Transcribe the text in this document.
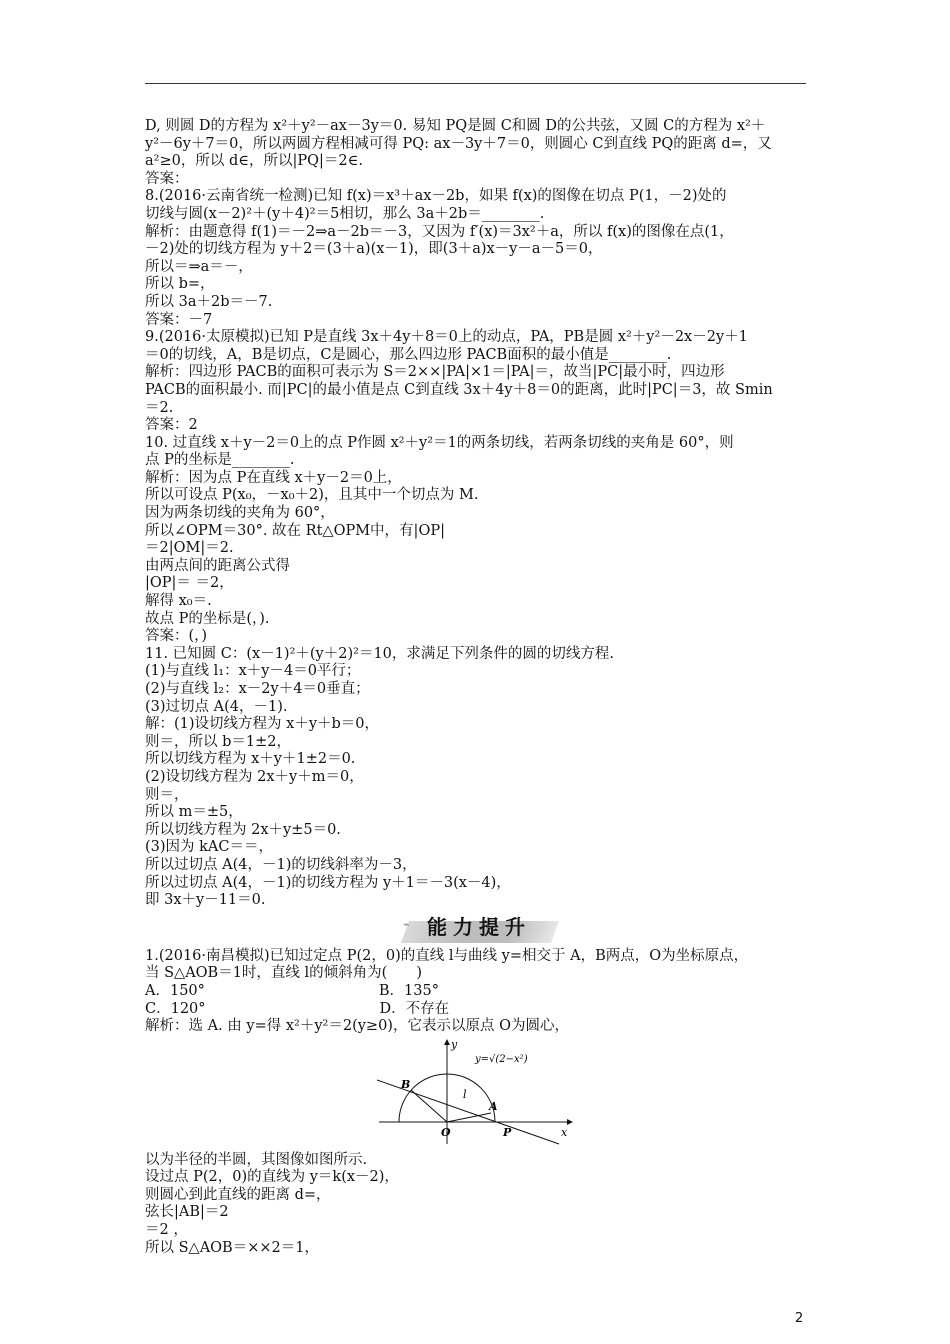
D, 则圆 D的方程为 x²＋y²－ax－3y＝0. 易知 PQ是圆 C和圆 D的公共弦，又圆 C的方程为 x²＋
y²－6y＋7＝0，所以两圆方程相减可得 PQ: ax－3y＋7＝0，则圆心 C到直线 PQ的距离 d=，又
a²≥0，所以 d∈，所以|PQ|＝2∈.
答案：
8.(2016·云南省统一检测)已知 f(x)＝x³＋ax－2b，如果 f(x)的图像在切点 P(1，－2)处的
切线与圆(x－2)²＋(y＋4)²＝5相切，那么 3a＋2b＝________.
解析：由题意得 f(1)＝－2⇒a－2b＝－3，又因为 f′(x)＝3x²＋a，所以 f(x)的图像在点(1，
－2)处的切线方程为 y＋2＝(3＋a)(x－1)，即(3＋a)x－y－a－5＝0，
所以＝⇒a＝－，
所以 b=，
所以 3a＋2b＝－7.
答案：－7
9.(2016·太原模拟)已知 P是直线 3x＋4y＋8＝0上的动点，PA，PB是圆 x²＋y²－2x－2y＋1
＝0的切线，A，B是切点，C是圆心，那么四边形 PACB面积的最小值是________.
解析：四边形 PACB的面积可表示为 S＝2××|PA|×1＝|PA|＝，故当|PC|最小时，四边形
PACB的面积最小. 而|PC|的最小值是点 C到直线 3x＋4y＋8＝0的距离，此时|PC|＝3，故 Smin
＝2.
答案：2
10. 过直线 x＋y－2＝0上的点 P作圆 x²＋y²＝1的两条切线，若两条切线的夹角是 60°，则
点 P的坐标是________.
解析：因为点 P在直线 x＋y－2＝0上，
所以可设点 P(x₀，－x₀＋2)，且其中一个切点为 M.
因为两条切线的夹角为 60°，
所以∠OPM＝30°. 故在 Rt△OPM中，有|OP|
＝2|OM|＝2.
由两点间的距离公式得
|OP|＝ ＝2，
解得 x₀＝.
故点 P的坐标是(，).
答案：(，)
11. 已知圆 C：(x－1)²＋(y＋2)²＝10，求满足下列条件的圆的切线方程.
(1)与直线 l₁：x＋y－4＝0平行；
(2)与直线 l₂：x－2y＋4＝0垂直；
(3)过切点 A(4，－1).
解：(1)设切线方程为 x＋y＋b＝0，
则＝，所以 b＝1±2，
所以切线方程为 x＋y＋1±2＝0.
(2)设切线方程为 2x＋y＋m＝0，
则＝，
所以 m＝±5，
所以切线方程为 2x＋y±5＝0.
(3)因为 kAC＝＝，
所以过切点 A(4，－1)的切线斜率为－3，
所以过切点 A(4，－1)的切线方程为 y＋1＝－3(x－4)，
即 3x＋y－11＝0.
⌁ 能力提升
1.(2016·南昌模拟)已知过定点 P(2，0)的直线 l与曲线 y=相交于 A，B两点，O为坐标原点，
当 S△AOB＝1时，直线 l的倾斜角为(　　)
A．150°　　　　　　　　　　　　B．135°
C．120°　　　　　　　　　　　　D．不存在
解析：选 A. 由 y=得 x²＋y²＝2(y≥0)，它表示以原点 O为圆心，
y
x
y=√(2−x²)
O
B
A
P
l
以为半径的半圆，其图像如图所示.
设过点 P(2，0)的直线为 y＝k(x－2)，
则圆心到此直线的距离 d=，
弦长|AB|＝2
＝2 ，
所以 S△AOB＝××2＝1，
2
